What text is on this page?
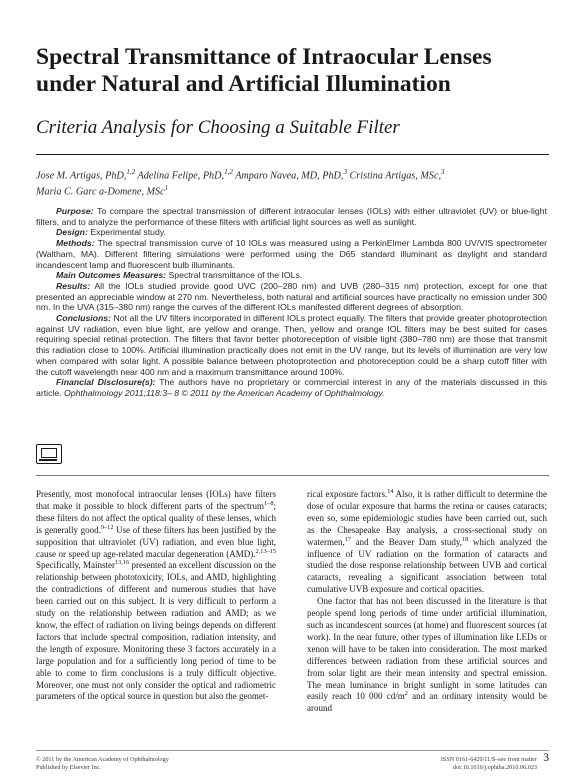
Spectral Transmittance of Intraocular Lenses under Natural and Artificial Illumination
Criteria Analysis for Choosing a Suitable Filter
Jose M. Artigas, PhD,$^{1,2}$ Adelina Felipe, PhD,$^{1,2}$ Amparo Navea, MD, PhD,$^3$ Cristina Artigas, MSc,$^3$
Maria C. Garc a-Domene, MSc$^1$

Purpose: To compare the spectral transmission of different intraocular lenses (IOLs) with either ultraviolet (UV) or blue-light filters, and to analyze the performance of these filters with artificial light sources as well as sunlight.

Design: Experimental study.

Methods: The spectral transmission curve of 10 IOLs was measured using a PerkinElmer Lambda 800 UV/VIS spectrometer (Waltham, MA). Different filtering simulations were performed using the D65 standard illuminant as daylight and standard incandescent lamp and fluorescent bulb illuminants.

Main Outcomes Measures: Spectral transmittance of the IOLs.

Results: All the IOLs studied provide good UVC (200–280 nm) and UVB (280–315 nm) protection, except for one that presented an appreciable window at 270 nm. Nevertheless, both natural and artificial sources have practically no emission under 300 nm. In the UVA (315–380 nm) range the curves of the different IOLs manifested different degrees of absorption.

Conclusions: Not all the UV filters incorporated in different IOLs protect equally. The filters that provide greater photoprotection against UV radiation, even blue light, are yellow and orange. Then, yellow and orange IOL filters may be best suited for cases requiring special retinal protection. The filters that favor better photoreception of visible light (380–780 nm) are those that transmit this radiation close to 100%. Artificial illumination practically does not emit in the UV range, but its levels of illumination are very low when compared with solar light. A possible balance between photoprotection and photoreception could be a sharp cutoff filter with the cutoff wavelength near 400 nm and a maximum transmittance around 100%.

Financial Disclosure(s): The authors have no proprietary or commercial interest in any of the materials discussed in this article. Ophthalmology 2011;118:3– 8 © 2011 by the American Academy of Ophthalmology.

Presently, most monofocal intraocular lenses (IOLs) have filters that make it possible to block different parts of the spectrum$^{1-8}$; these filters do not affect the optical quality of these lenses, which is generally good.$^{9-12}$ Use of these filters has been justified by the supposition that ultraviolet (UV) radiation, and even blue light, cause or speed up age-related macular degeneration (AMD).$^{2,13-15}$ Specifically, Mainster$^{13,16}$ presented an excellent discussion on the relationship between phototoxicity, IOLs, and AMD, highlighting the contradictions of different and numerous studies that have been carried out on this subject. It is very difficult to perform a study on the relationship between radiation and AMD; as we know, the effect of radiation on living beings depends on different factors that include spectral composition, radiation intensity, and the length of exposure. Monitoring these 3 factors accurately in a large population and for a sufficiently long period of time to be able to come to firm conclusions is a truly difficult objective. Moreover, one must not only consider the optical and radiometric parameters of the optical source in question but also the geomet-

rical exposure factors.$^{14}$ Also, it is rather difficult to determine the dose of ocular exposure that harms the retina or causes cataracts; even so, some epidemiologic studies have been carried out, such as the Chesapeake Bay analysis, a cross-sectional study on watermen,$^{17}$ and the Beaver Dam study,$^{18}$ which analyzed the influence of UV radiation on the formation of cataracts and studied the dose response relationship between UVB and cortical cataracts, revealing a significant association between total cumulative UVB exposure and cortical opacities.

One factor that has not been discussed in the literature is that people spend long periods of time under artificial illumination, such as incandescent sources (at home) and fluorescent sources (at work). In the near future, other types of illumination like LEDs or xenon will have to be taken into consideration. The most marked differences between radiation from these artificial sources and from solar light are their mean intensity and spectral emission. The mean luminance in bright sunlight in some latitudes can easily reach 10 000 $cd/m^2$ and an ordinary intensity would be around

© 2011 by the American Academy of Ophthalmology
Published by Elsevier Inc.
ISSN 0161-6420/11/$–see front matter
doi:10.1016/j.ophtha.2010.06.023
3
